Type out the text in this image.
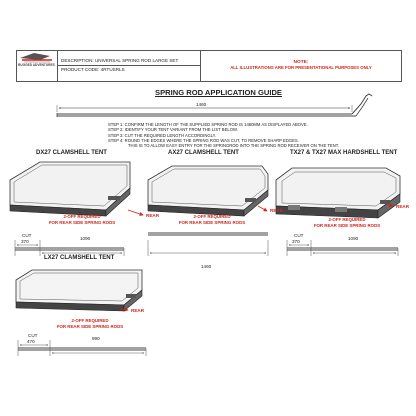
RUGGED ADVENTURES
DESCRIPTION: UNIVERSAL SPRING ROD LARGE SET
PRODUCT CODE: 4RTUSRLS
NOTE:
ALL ILLUSTRATIONS ARE FOR PRESENTATIONAL PURPOSES ONLY
SPRING ROD APPLICATION GUIDE
1460
STEP 1: CONFIRM THE LENGTH OF THE SUPPLIED SPRING ROD IS 1460MM AS DISPLAYED ABOVE.
STEP 2: IDENTIFY YOUR TENT VARIANT FROM THE LIST BELOW.
STEP 3: CUT THE REQUIRED LENGTH ACCORDINGLY.
STEP 4: ROUND THE EDGES WHERE THE SPRING ROD WAS CUT, TO REMOVE SHARP EDGES.
THIS IS TO ALLOW EASY ENTRY FOR THE SPRINGROD INTO THE SPRING ROD RECEIVER ON THE TENT.
DX27 CLAMSHELL TENT
REAR
2-OFF REQUIRED
FOR REAR SIDE SPRING RODS
CUT
370
1090
AX27 CLAMSHELL TENT
REAR
2-OFF REQUIRED
FOR REAR SIDE SPRING RODS
1460
TX27 & TX27 MAX HARDSHELL TENT
REAR
2-OFF REQUIRED
FOR REAR SIDE SPRING RODS
CUT
370
1090
LX27 CLAMSHELL TENT
REAR
2-OFF REQUIRED
FOR REAR SIDE SPRING RODS
CUT
470
990
